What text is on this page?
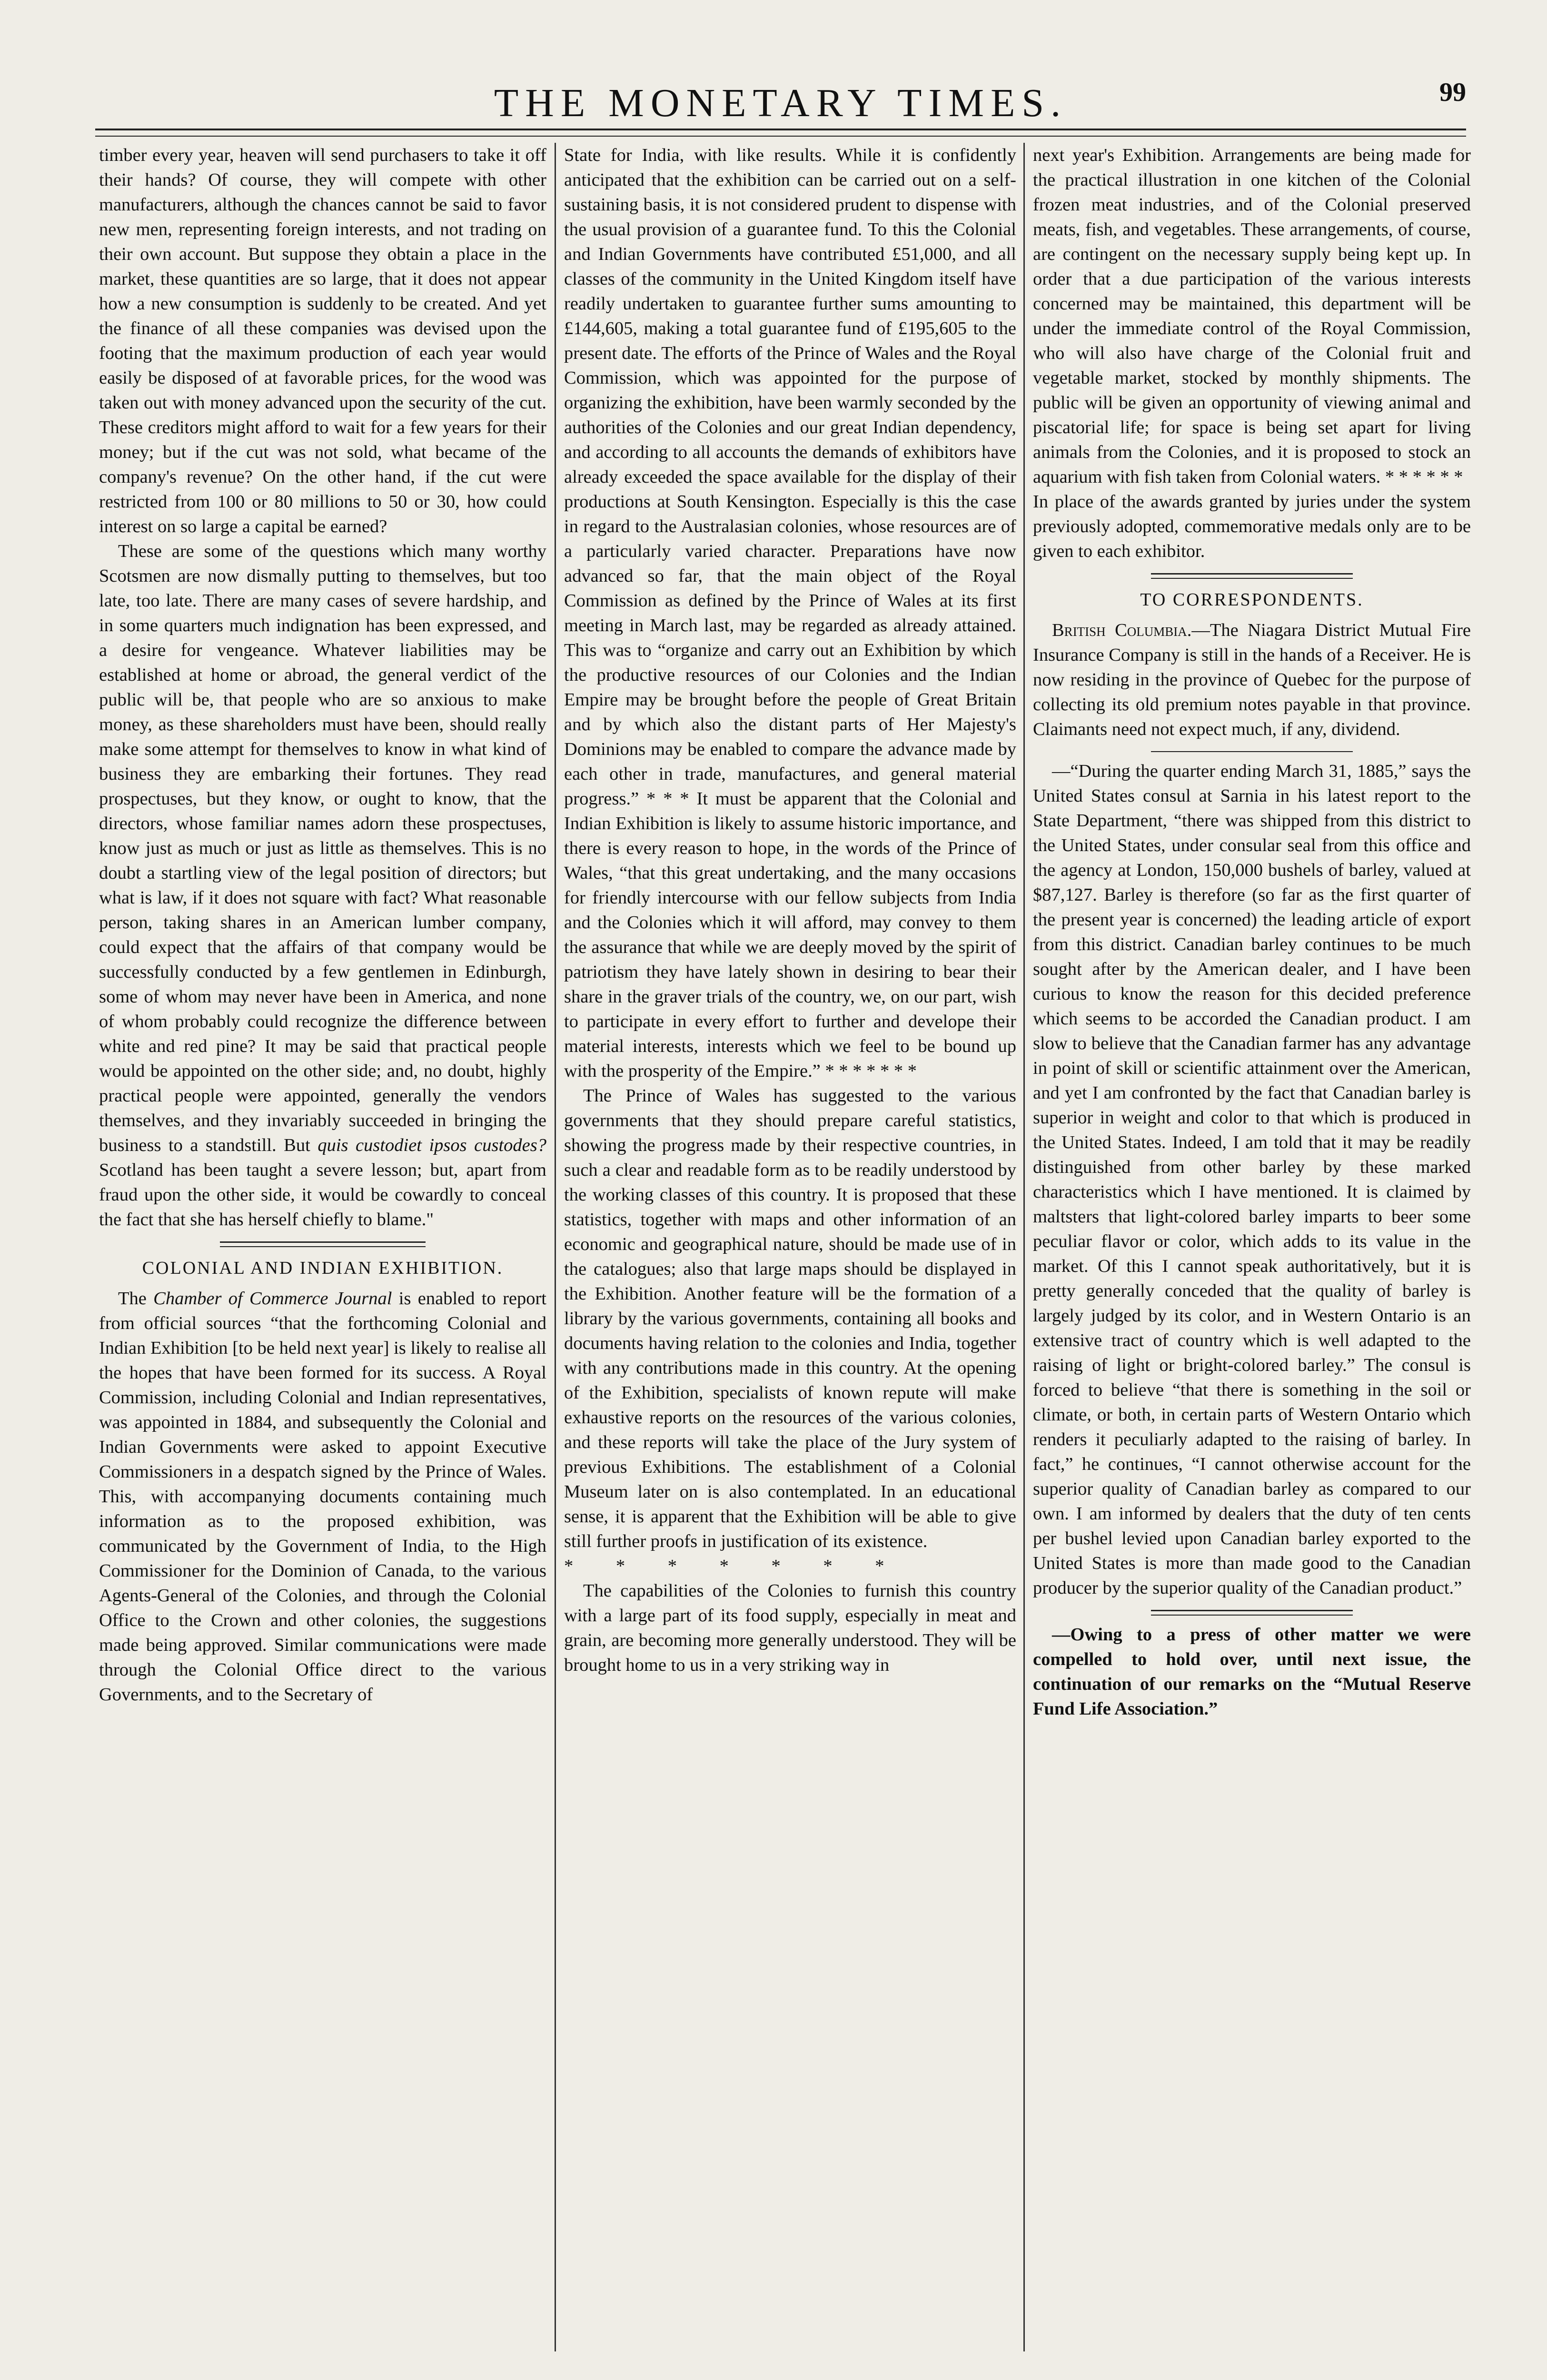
THE MONETARY TIMES.	99

timber every year, heaven will send purchasers to take it off their hands? Of course, they will compete with other manufacturers, although the chances cannot be said to favor new men, representing foreign interests, and not trading on their own account. But suppose they obtain a place in the market, these quantities are so large, that it does not appear how a new consumption is suddenly to be created. And yet the finance of all these companies was devised upon the footing that the maximum production of each year would easily be disposed of at favorable prices, for the wood was taken out with money advanced upon the security of the cut. These creditors might afford to wait for a few years for their money; but if the cut was not sold, what became of the company's revenue? On the other hand, if the cut were restricted from 100 or 80 millions to 50 or 30, how could interest on so large a capital be earned?

These are some of the questions which many worthy Scotsmen are now dismally putting to themselves, but too late, too late. There are many cases of severe hardship, and in some quarters much indignation has been expressed, and a desire for vengeance. Whatever liabilities may be established at home or abroad, the general verdict of the public will be, that people who are so anxious to make money, as these shareholders must have been, should really make some attempt for themselves to know in what kind of business they are embarking their fortunes. They read prospectuses, but they know, or ought to know, that the directors, whose familiar names adorn these prospectuses, know just as much or just as little as themselves. This is no doubt a startling view of the legal position of directors; but what is law, if it does not square with fact? What reasonable person, taking shares in an American lumber company, could expect that the affairs of that company would be successfully conducted by a few gentlemen in Edinburgh, some of whom may never have been in America, and none of whom probably could recognize the difference between white and red pine? It may be said that practical people would be appointed on the other side; and, no doubt, highly practical people were appointed, generally the vendors themselves, and they invariably succeeded in bringing the business to a standstill. But quis custodiet ipsos custodes? Scotland has been taught a severe lesson; but, apart from fraud upon the other side, it would be cowardly to conceal the fact that she has herself chiefly to blame."

COLONIAL AND INDIAN EXHIBITION.

The Chamber of Commerce Journal is enabled to report from official sources “that the forthcoming Colonial and Indian Exhibition [to be held next year] is likely to realise all the hopes that have been formed for its success. A Royal Commission, including Colonial and Indian representatives, was appointed in 1884, and subsequently the Colonial and Indian Governments were asked to appoint Executive Commissioners in a despatch signed by the Prince of Wales. This, with accompanying documents containing much information as to the proposed exhibition, was communicated by the Government of India, to the High Commissioner for the Dominion of Canada, to the various Agents-General of the Colonies, and through the Colonial Office to the Crown and other colonies, the suggestions made being approved. Similar communications were made through the Colonial Office direct to the various Governments, and to the Secretary of

State for India, with like results. While it is confidently anticipated that the exhibition can be carried out on a self-sustaining basis, it is not considered prudent to dispense with the usual provision of a guarantee fund. To this the Colonial and Indian Governments have contributed £51,000, and all classes of the community in the United Kingdom itself have readily undertaken to guarantee further sums amounting to £144,605, making a total guarantee fund of £195,605 to the present date. The efforts of the Prince of Wales and the Royal Commission, which was appointed for the purpose of organizing the exhibition, have been warmly seconded by the authorities of the Colonies and our great Indian dependency, and according to all accounts the demands of exhibitors have already exceeded the space available for the display of their productions at South Kensington. Especially is this the case in regard to the Australasian colonies, whose resources are of a particularly varied character. Preparations have now advanced so far, that the main object of the Royal Commission as defined by the Prince of Wales at its first meeting in March last, may be regarded as already attained. This was to “organize and carry out an Exhibition by which the productive resources of our Colonies and the Indian Empire may be brought before the people of Great Britain and by which also the distant parts of Her Majesty's Dominions may be enabled to compare the advance made by each other in trade, manufactures, and general material progress.” * * * It must be apparent that the Colonial and Indian Exhibition is likely to assume historic importance, and there is every reason to hope, in the words of the Prince of Wales, “that this great undertaking, and the many occasions for friendly intercourse with our fellow subjects from India and the Colonies which it will afford, may convey to them the assurance that while we are deeply moved by the spirit of patriotism they have lately shown in desiring to bear their share in the graver trials of the country, we, on our part, wish to participate in every effort to further and develope their material interests, interests which we feel to be bound up with the prosperity of the Empire.” * * * * * * *

The Prince of Wales has suggested to the various governments that they should prepare careful statistics, showing the progress made by their respective countries, in such a clear and readable form as to be readily understood by the working classes of this country. It is proposed that these statistics, together with maps and other information of an economic and geographical nature, should be made use of in the catalogues; also that large maps should be displayed in the Exhibition. Another feature will be the formation of a library by the various governments, containing all books and documents having relation to the colonies and India, together with any contributions made in this country. At the opening of the Exhibition, specialists of known repute will make exhaustive reports on the resources of the various colonies, and these reports will take the place of the Jury system of previous Exhibitions. The establishment of a Colonial Museum later on is also contemplated. In an educational sense, it is apparent that the Exhibition will be able to give still further proofs in justification of its existence.

* * * * * * *

The capabilities of the Colonies to furnish this country with a large part of its food supply, especially in meat and grain, are becoming more generally understood. They will be brought home to us in a very striking way in

next year's Exhibition. Arrangements are being made for the practical illustration in one kitchen of the Colonial frozen meat industries, and of the Colonial preserved meats, fish, and vegetables. These arrangements, of course, are contingent on the necessary supply being kept up. In order that a due participation of the various interests concerned may be maintained, this department will be under the immediate control of the Royal Commission, who will also have charge of the Colonial fruit and vegetable market, stocked by monthly shipments. The public will be given an opportunity of viewing animal and piscatorial life; for space is being set apart for living animals from the Colonies, and it is proposed to stock an aquarium with fish taken from Colonial waters. * * * * * *

In place of the awards granted by juries under the system previously adopted, commemorative medals only are to be given to each exhibitor.

TO CORRESPONDENTS.

British Columbia.—The Niagara District Mutual Fire Insurance Company is still in the hands of a Receiver. He is now residing in the province of Quebec for the purpose of collecting its old premium notes payable in that province. Claimants need not expect much, if any, dividend.

—“During the quarter ending March 31, 1885,” says the United States consul at Sarnia in his latest report to the State Department, “there was shipped from this district to the United States, under consular seal from this office and the agency at London, 150,000 bushels of barley, valued at $87,127. Barley is therefore (so far as the first quarter of the present year is concerned) the leading article of export from this district. Canadian barley continues to be much sought after by the American dealer, and I have been curious to know the reason for this decided preference which seems to be accorded the Canadian product. I am slow to believe that the Canadian farmer has any advantage in point of skill or scientific attainment over the American, and yet I am confronted by the fact that Canadian barley is superior in weight and color to that which is produced in the United States. Indeed, I am told that it may be readily distinguished from other barley by these marked characteristics which I have mentioned. It is claimed by maltsters that light-colored barley imparts to beer some peculiar flavor or color, which adds to its value in the market. Of this I cannot speak authoritatively, but it is pretty generally conceded that the quality of barley is largely judged by its color, and in Western Ontario is an extensive tract of country which is well adapted to the raising of light or bright-colored barley.” The consul is forced to believe “that there is something in the soil or climate, or both, in certain parts of Western Ontario which renders it peculiarly adapted to the raising of barley. In fact,” he continues, “I cannot otherwise account for the superior quality of Canadian barley as compared to our own. I am informed by dealers that the duty of ten cents per bushel levied upon Canadian barley exported to the United States is more than made good to the Canadian producer by the superior quality of the Canadian product.”

—Owing to a press of other matter we were compelled to hold over, until next issue, the continuation of our remarks on the “Mutual Reserve Fund Life Association.”
